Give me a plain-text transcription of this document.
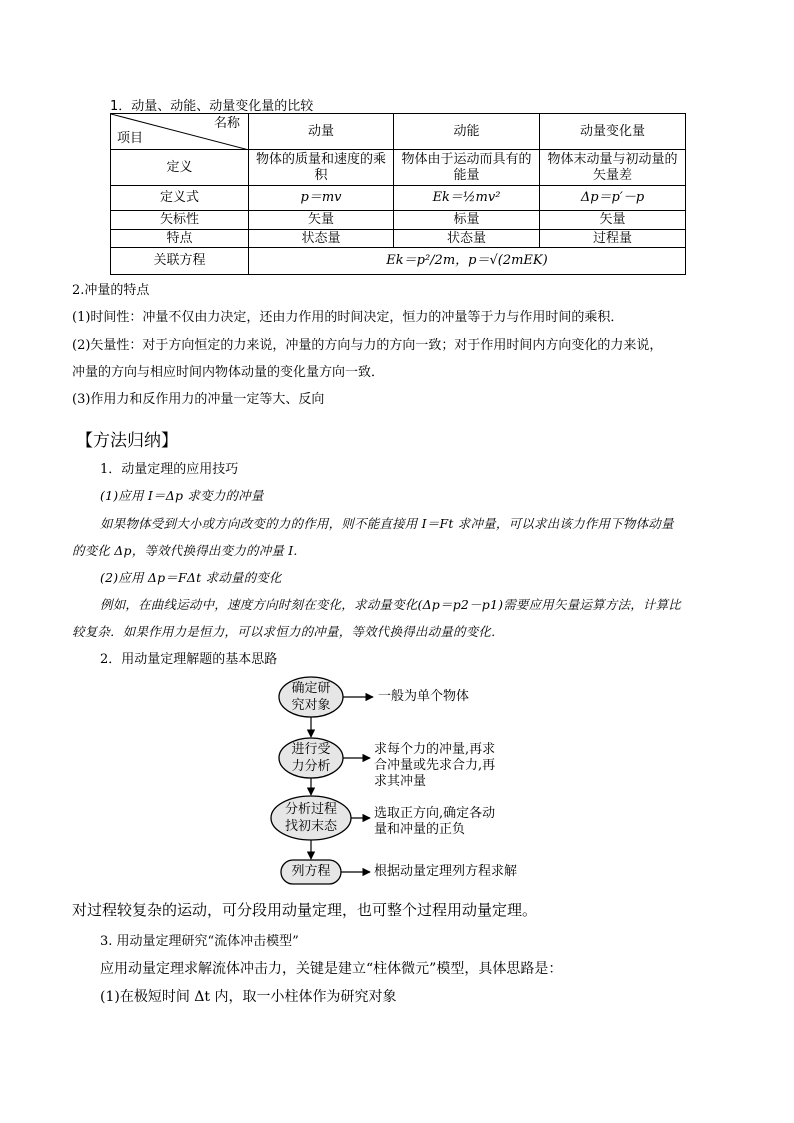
1．动量、动能、动量变化量的比较
名称
项目	动量	动能	动量变化量
定义	物体的质量和速度的乘积	物体由于运动而具有的能量	物体末动量与初动量的矢量差
定义式	p＝mv	Ek＝½mv²	Δp＝p′－p
矢标性	矢量	标量	矢量
特点	状态量	状态量	过程量
关联方程	Ek＝p²/2m，p＝√(2mEK)		
2.冲量的特点
(1)时间性：冲量不仅由力决定，还由力作用的时间决定，恒力的冲量等于力与作用时间的乘积．
(2)矢量性：对于方向恒定的力来说，冲量的方向与力的方向一致；对于作用时间内方向变化的力来说，
冲量的方向与相应时间内物体动量的变化量方向一致．
(3)作用力和反作用力的冲量一定等大、反向
【方法归纳】
1．动量定理的应用技巧
(1)应用 I＝Δp 求变力的冲量
如果物体受到大小或方向改变的力的作用，则不能直接用 I＝Ft 求冲量，可以求出该力作用下物体动量
的变化 Δp，等效代换得出变力的冲量 I.
(2)应用 Δp＝FΔt 求动量的变化
例如，在曲线运动中，速度方向时刻在变化，求动量变化(Δp＝p2－p1)需要应用矢量运算方法，计算比
较复杂．如果作用力是恒力，可以求恒力的冲量，等效代换得出动量的变化．
2．用动量定理解题的基本思路
确定研
究对象
进行受
力分析
分析过程
找初末态
列方程
一般为单个物体
求每个力的冲量,再求
合冲量或先求合力,再
求其冲量
选取正方向,确定各动
量和冲量的正负
根据动量定理列方程求解
对过程较复杂的运动，可分段用动量定理，也可整个过程用动量定理。
3. 用动量定理研究“流体冲击模型”
应用动量定理求解流体冲击力，关键是建立“柱体微元”模型，具体思路是：
(1)在极短时间 Δt 内，取一小柱体作为研究对象
